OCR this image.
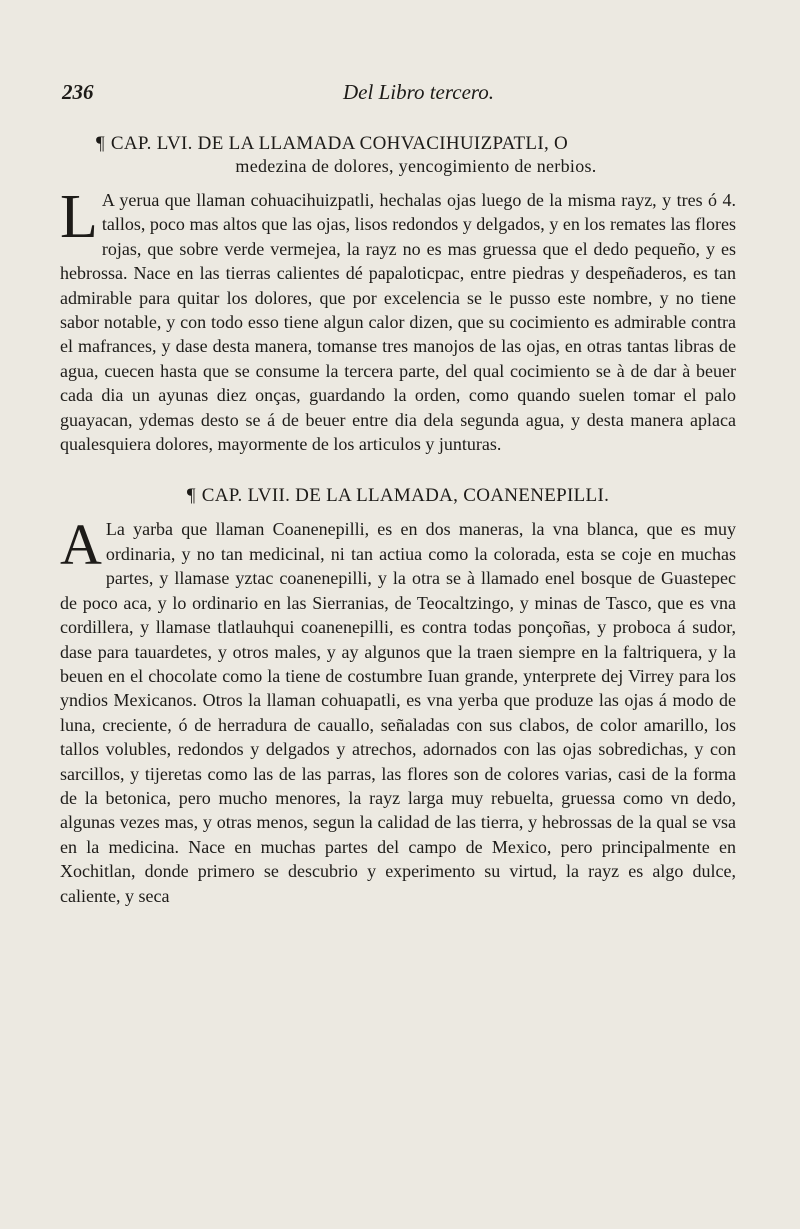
236	Del Libro tercero.
¶ CAP. LVI. DE LA LLAMADA COHVACIHUIZPATLI, O
medezina de dolores, yencogimiento de nerbios.

L A yerua que llaman cohuacihuizpatli, hechalas ojas luego de la misma rayz, y tres ó 4. tallos, poco mas altos que las ojas, lisos redondos y delgados, y en los remates las flores rojas, que sobre verde vermejea, la rayz no es mas gruessa que el dedo pequeño, y es hebrossa. Nace en las tierras calientes dé papaloticpac, entre piedras y despeñaderos, es tan admirable para quitar los dolores, que por excelencia se le pusso este nombre, y no tiene sabor notable, y con todo esso tiene algun calor dizen, que su cocimiento es admirable contra el mafrances, y dase desta manera, tomanse tres manojos de las ojas, en otras tantas libras de agua, cuecen hasta que se consume la tercera parte, del qual cocimiento se à de dar à beuer cada dia un ayunas diez onças, guardando la orden, como quando suelen tomar el palo guayacan, ydemas desto se á de beuer entre dia dela segunda agua, y desta manera aplaca qualesquiera dolores, mayormente de los articulos y junturas.

¶ CAP. LVII. DE LA LLAMADA, COANENEPILLI.

A La yarba que llaman Coanenepilli, es en dos maneras, la vna blanca, que es muy ordinaria, y no tan medicinal, ni tan actiua como la colorada, esta se coje en muchas partes, y llamase yztac coanenepilli, y la otra se à llamado enel bosque de Guastepec de poco aca, y lo ordinario en las Sierranias, de Teocaltzingo, y minas de Tasco, que es vna cordillera, y llamase tlatlauhqui coanenepilli, es contra todas ponçoñas, y proboca á sudor, dase para tauardetes, y otros males, y ay algunos que la traen siempre en la faltriquera, y la beuen en el chocolate como la tiene de costumbre Iuan grande, ynterprete dej Virrey para los yndios Mexicanos. Otros la llaman cohuapatli, es vna yerba que produze las ojas á modo de luna, creciente, ó de herradura de cauallo, señaladas con sus clabos, de color amarillo, los tallos volubles, redondos y delgados y atrechos, adornados con las ojas sobredichas, y con sarcillos, y tijeretas como las de las parras, las flores son de colores varias, casi de la forma de la betonica, pero mucho menores, la rayz larga muy rebuelta, gruessa como vn dedo, algunas vezes mas, y otras menos, segun la calidad de las tierra, y hebrossas de la qual se vsa en la medicina. Nace en muchas partes del campo de Mexico, pero principalmente en Xochitlan, donde primero se descubrio y experimento su virtud, la rayz es algo dulce, caliente, y seca
